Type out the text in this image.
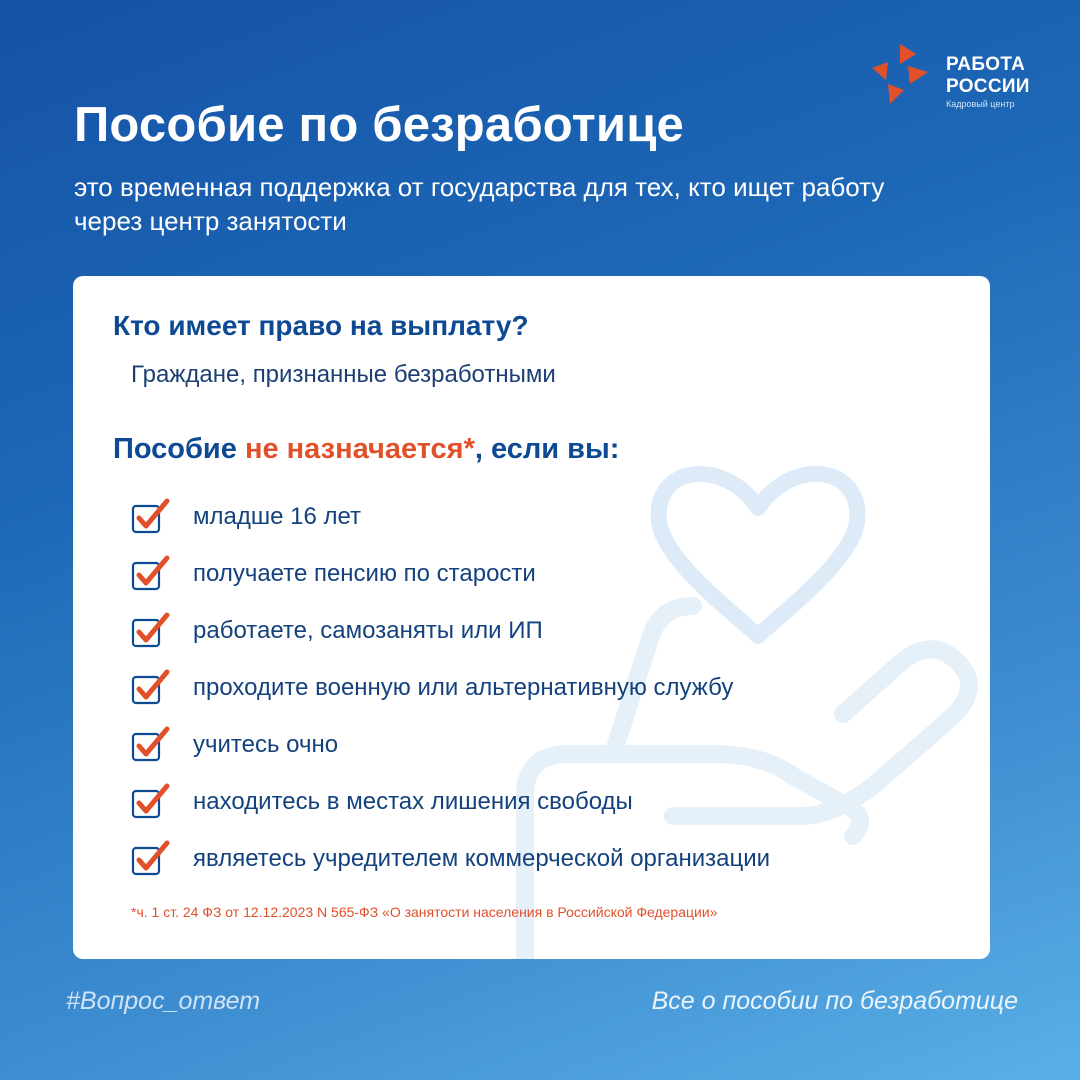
РАБОТА
РОССИИ
Кадровый центр
Пособие по безработице

это временная поддержка от государства для тех, кто ищет работу через центр занятости

Кто имеет право на выплату?
Граждане, признанные безработными
Пособие не назначается*, если вы:
младше 16 лет
получаете пенсию по старости
работаете, самозаняты или ИП
проходите военную или альтернативную службу
учитесь очно
находитесь в местах лишения свободы
являетесь учредителем коммерческой организации
*ч. 1 ст. 24 ФЗ от 12.12.2023 N 565-ФЗ «О занятости населения в Российской Федерации»
#Вопрос_ответ	Все о пособии по безработице
